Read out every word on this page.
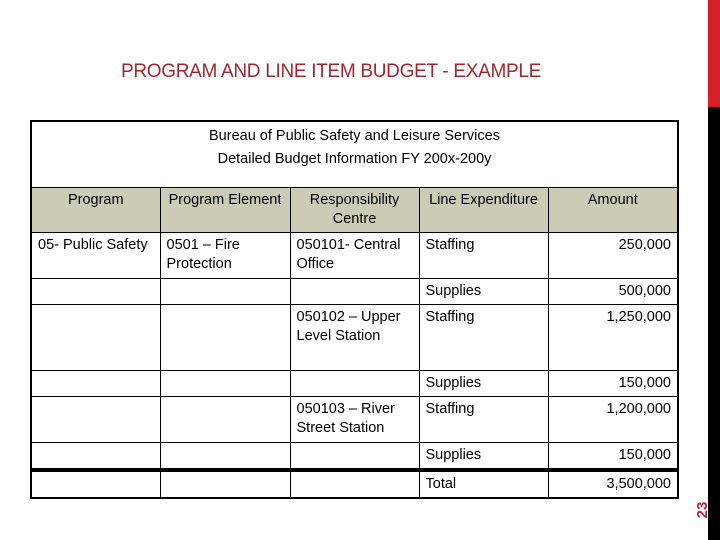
PROGRAM AND LINE ITEM BUDGET - EXAMPLE
23
Bureau of Public Safety and Leisure Services
Detailed Budget Information FY 200x-200y				

Program	Program Element	Responsibility Centre	Line Expenditure	Amount
05- Public Safety	0501 – Fire Protection	050101- Central Office	Staffing	250,000
			Supplies	500,000
		050102 – Upper Level Station	Staffing	1,250,000
			Supplies	150,000
		050103 – River Street Station	Staffing	1,200,000
			Supplies	150,000
			Total	3,500,000
